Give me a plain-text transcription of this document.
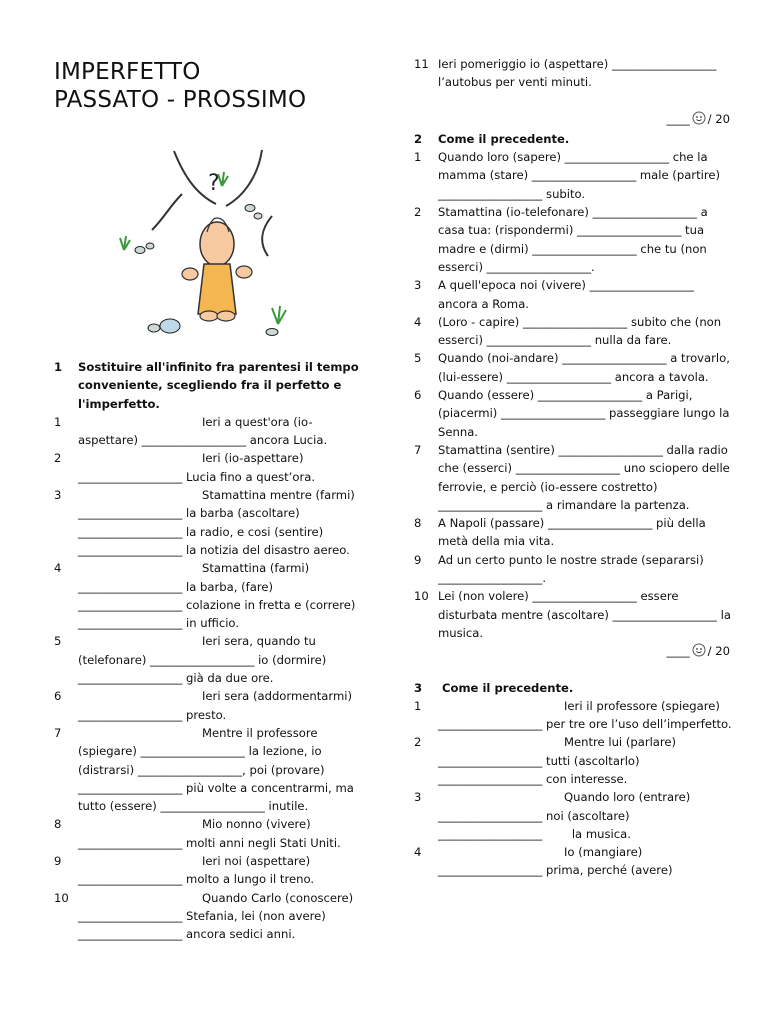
IMPERFETTO
PASSATO - PROSSIMO
?
1 Sostituire all'infinito fra parentesi il tempo conveniente, scegliendo fra il perfetto e l'imperfetto.
1	Ieri a quest'ora (io-
aspettare) __________________ ancora Lucia.
2	Ieri (io-aspettare)
__________________ Lucia fino a quest’ora.
3	Stamattina mentre (farmi)
__________________ la barba (ascoltare) __________________ la radio, e cosi (sentire) __________________ la notizia del disastro aereo.
4	Stamattina (farmi)
__________________ la barba, (fare) __________________ colazione in fretta e (correre) __________________ in ufficio.
5	Ieri sera, quando tu
(telefonare) __________________ io (dormire) __________________ già da due ore.
6	Ieri sera (addormentarmi)
__________________ presto.
7	Mentre il professore
(spiegare) __________________ la lezione, io (distrarsi) __________________, poi (provare) __________________ più volte a concentrarmi, ma tutto (essere) __________________ inutile.
8	Mio nonno (vivere)
__________________ molti anni negli Stati Uniti.
9	Ieri noi (aspettare)
__________________ molto a lungo il treno.
10	Quando Carlo (conoscere)
__________________ Stefania, lei (non avere) __________________ ancora sedici anni.
11 Ieri pomeriggio io (aspettare) __________________ l’autobus per venti minuti.
____ / 20
2 Come il precedente.
1 Quando loro (sapere) __________________ che la mamma (stare) __________________ male (partire) __________________ subito.
2 Stamattina (io-telefonare) __________________ a casa tua: (rispondermi) __________________ tua madre e (dirmi) __________________ che tu (non esserci) __________________.
3 A quell'epoca noi (vivere) __________________ ancora a Roma.
4 (Loro - capire) __________________ subito che (non esserci) __________________ nulla da fare.
5 Quando (noi-andare) __________________ a trovarlo, (lui-essere) __________________ ancora a tavola.
6 Quando (essere) __________________ a Parigi, (piacermi) __________________ passeggiare lungo la Senna.
7 Stamattina (sentire) __________________ dalla radio che (esserci) __________________ uno sciopero delle ferrovie, e perciò (io-essere costretto) __________________ a rimandare la partenza.
8 A Napoli (passare) __________________ più della metà della mia vita.
9 Ad un certo punto le nostre strade (separarsi) __________________.
10 Lei (non volere) __________________ essere disturbata mentre (ascoltare) __________________ la musica.
____ / 20
3 Come il precedente.
1	Ieri il professore (spiegare)
__________________ per tre ore l’uso dell’imperfetto.
2	Mentre lui (parlare)
__________________ tutti (ascoltarlo) __________________ con interesse.
3	Quando loro (entrare)
__________________ noi (ascoltare) __________________        la musica.
4	Io (mangiare)
__________________ prima, perché (avere)
